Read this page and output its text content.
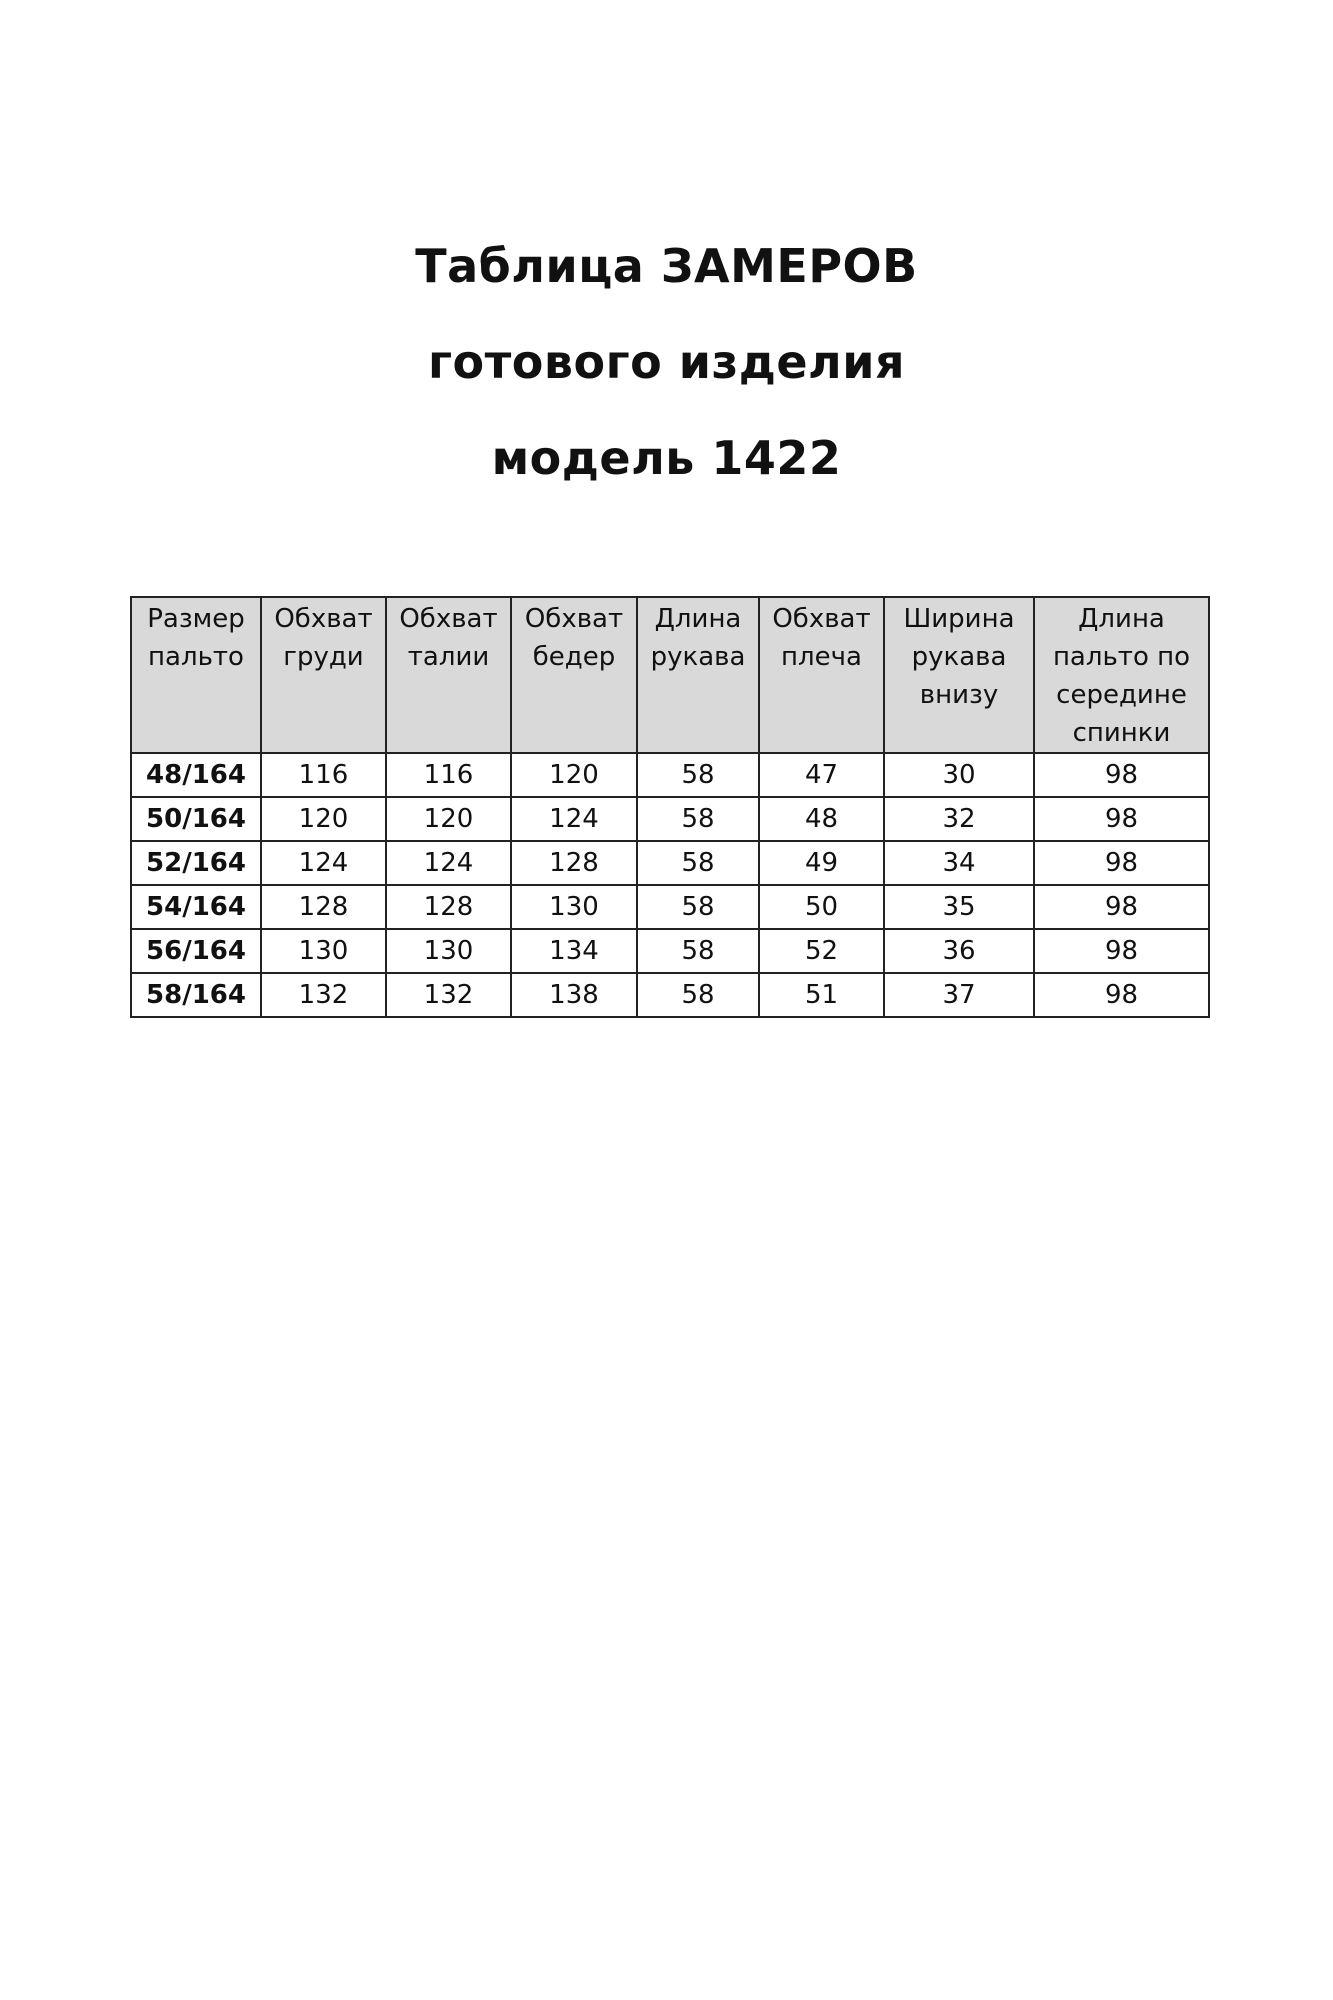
Таблица ЗАМЕРОВ
готового изделия
модель 1422
Размер пальто	Обхват груди	Обхват талии	Обхват бедер	Длина рукава	Обхват плеча	Ширина рукава внизу	Длина пальто по середине спинки
48/164	116	116	120	58	47	30	98
50/164	120	120	124	58	48	32	98
52/164	124	124	128	58	49	34	98
54/164	128	128	130	58	50	35	98
56/164	130	130	134	58	52	36	98
58/164	132	132	138	58	51	37	98
